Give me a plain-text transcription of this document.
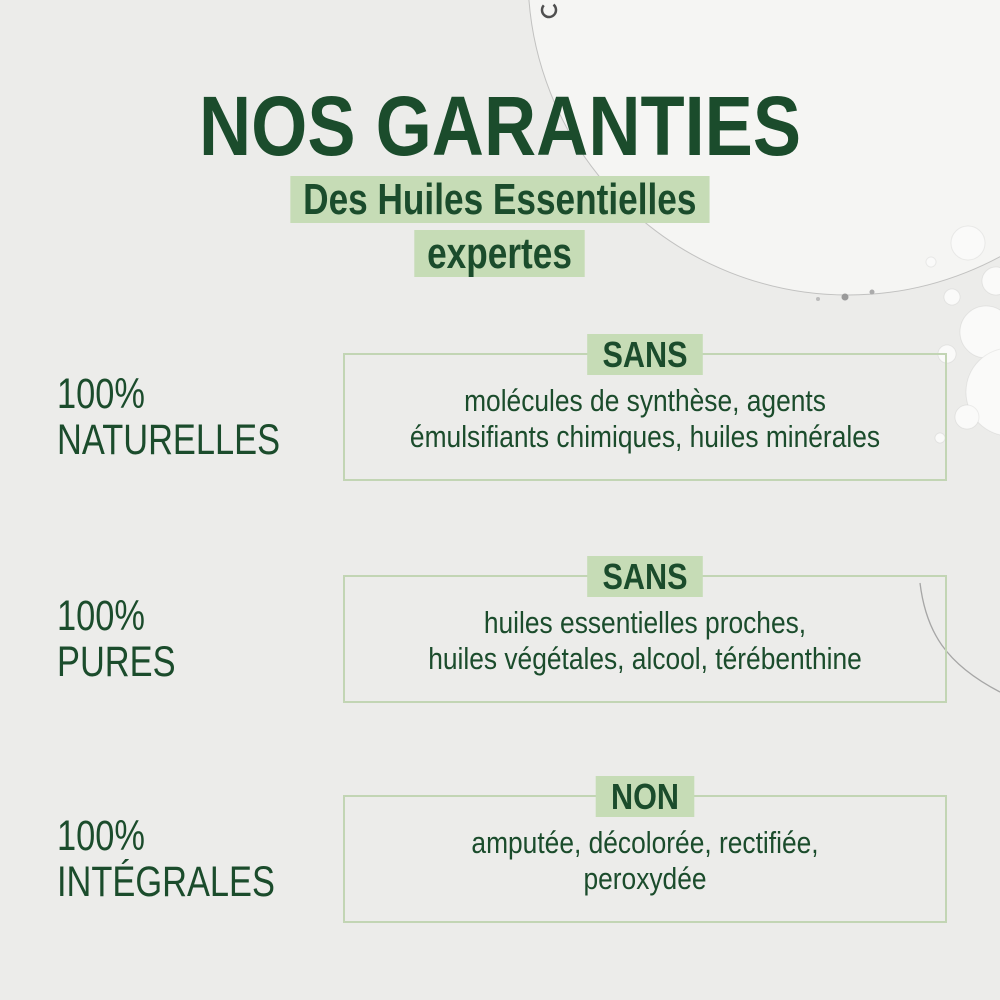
NOS GARANTIES
Des Huiles Essentielles
expertes
100%
NATURELLES
SANS
molécules de synthèse, agents
émulsifiants chimiques, huiles minérales
100%
PURES
SANS
huiles essentielles proches,
huiles végétales, alcool, térébenthine
100%
INTÉGRALES
NON
amputée, décolorée, rectifiée,
peroxydée
